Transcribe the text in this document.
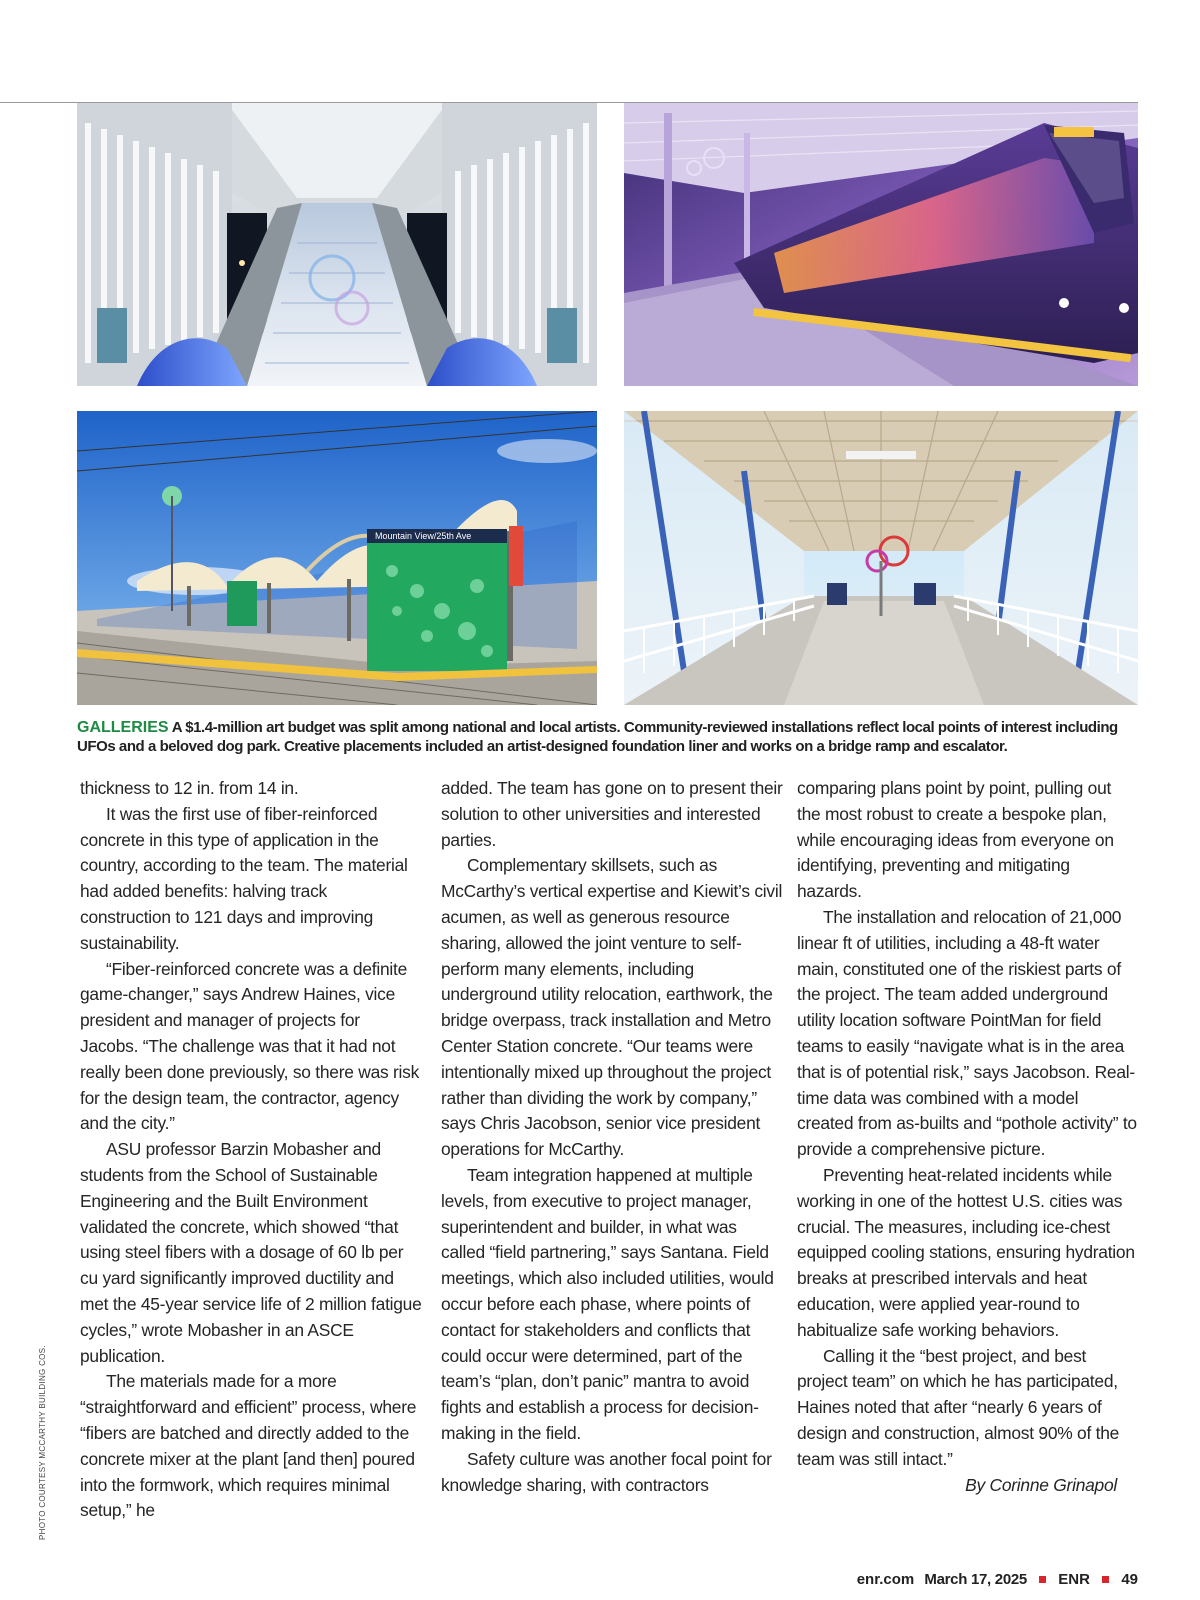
Mountain View/25th Ave
GALLERIES A $1.4-million art budget was split among national and local artists. Community-reviewed installations reflect local points of interest including UFOs and a beloved dog park. Creative placements included an artist-designed foundation liner and works on a bridge ramp and escalator.

thickness to 12 in. from 14 in.

It was the first use of fiber-reinforced concrete in this type of application in the country, according to the team. The material had added benefits: halving track construction to 121 days and improving sustainability.

“Fiber-reinforced concrete was a definite game-changer,” says Andrew Haines, vice president and manager of projects for Jacobs. “The challenge was that it had not really been done previously, so there was risk for the design team, the contractor, agency and the city.”

ASU professor Barzin Mobasher and students from the School of Sustainable Engineering and the Built Environment validated the concrete, which showed “that using steel fibers with a dosage of 60 lb per cu yard significantly improved ductility and met the 45-year service life of 2 million fatigue cycles,” wrote Mobasher in an ASCE publication.

The materials made for a more “straightforward and efficient” process, where “fibers are batched and directly added to the concrete mixer at the plant [and then] poured into the formwork, which requires minimal setup,” he

added. The team has gone on to present their solution to other universities and interested parties.

Complementary skillsets, such as McCarthy’s vertical expertise and Kiewit’s civil acumen, as well as generous resource sharing, allowed the joint venture to self-perform many elements, including underground utility relocation, earthwork, the bridge overpass, track installation and Metro Center Station concrete. “Our teams were intentionally mixed up throughout the project rather than dividing the work by company,” says Chris Jacobson, senior vice president operations for McCarthy.

Team integration happened at multiple levels, from executive to project manager, superintendent and builder, in what was called “field partnering,” says Santana. Field meetings, which also included utilities, would occur before each phase, where points of contact for stakeholders and conflicts that could occur were determined, part of the team’s “plan, don’t panic” mantra to avoid fights and establish a process for decision-making in the field.

Safety culture was another focal point for knowledge sharing, with contractors

comparing plans point by point, pulling out the most robust to create a bespoke plan, while encouraging ideas from everyone on identifying, preventing and mitigating hazards.

The installation and relocation of 21,000 linear ft of utilities, including a 48-ft water main, constituted one of the riskiest parts of the project. The team added underground utility location software PointMan for field teams to easily “navigate what is in the area that is of potential risk,” says Jacobson. Real-time data was combined with a model created from as-builts and “pothole activity” to provide a comprehensive picture.

Preventing heat-related incidents while working in one of the hottest U.S. cities was crucial. The measures, including ice-chest equipped cooling stations, ensuring hydration breaks at prescribed intervals and heat education, were applied year-round to habitualize safe working behaviors.

Calling it the “best project, and best project team” on which he has participated, Haines noted that after “nearly 6 years of design and construction, almost 90% of the team was still intact.”

By Corinne Grinapol

PHOTO COURTESY MCCARTHY BUILDING COS.
enr.com March 17, 2025 ENR 49
